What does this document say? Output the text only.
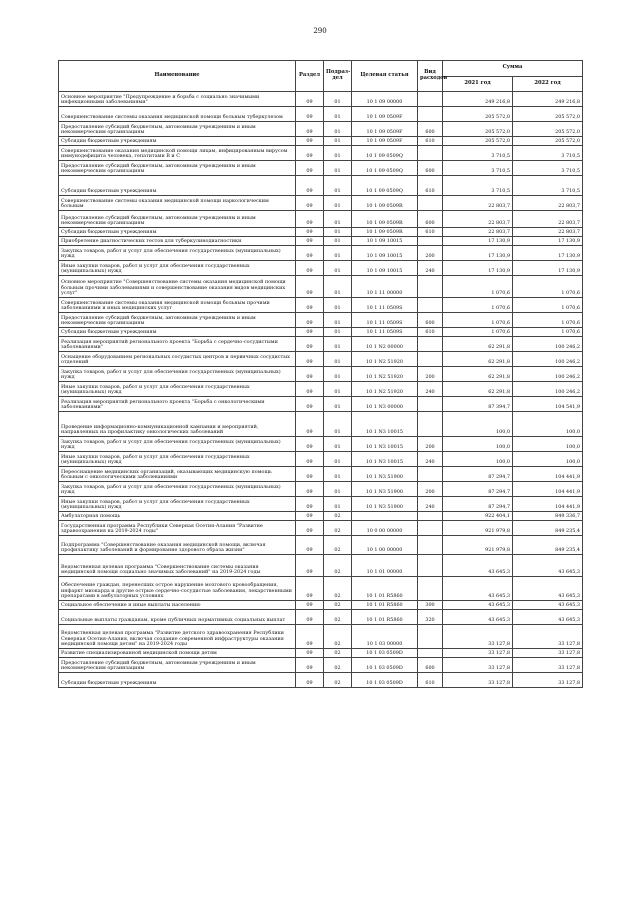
290
Наименование	Раздел	Подраз-дел	Целевая статья	Вид расходов	Сумма	
					2021 год	2022 год
Основное мероприятие "Предупреждение и борьба с социально значимыми инфекционными заболеваниями"	09	01	10 1 09 00000		249 216,8	249 216,8
Совершенствование системы оказания медицинской помощи больным туберкулезом	09	01	10 1 09 0509F		205 572,0	205 572,0
Предоставление субсидий бюджетным, автономным учреждениям и иным некоммерческим организациям	09	01	10 1 09 0509F	600	205 572,0	205 572,0
Субсидии бюджетным учреждениям	09	01	10 1 09 0509F	610	205 572,0	205 572,0
Совершенствование оказания медицинской помощи лицам, инфицированным вирусом иммунодефицита человека, гепатитами B и C	09	01	10 1 09 0509Q		3 710,5	3 710,5
Предоставление субсидий бюджетным, автономным учреждениям и иным некоммерческим организациям	09	01	10 1 09 0509Q	600	3 710,5	3 710,5
Субсидии бюджетным учреждениям	09	01	10 1 09 0509Q	610	3 710,5	3 710,5
Совершенствование системы оказания медицинской помощи наркологическим больным	09	01	10 1 09 0509R		22 803,7	22 803,7
Предоставление субсидий бюджетным, автономным учреждениям и иным некоммерческим организациям	09	01	10 1 09 0509R	600	22 803,7	22 803,7
Субсидии бюджетным учреждениям	09	01	10 1 09 0509R	610	22 803,7	22 803,7
Приобретение диагностических тестов для туберкулинодиагностики	09	01	10 1 09 10015		17 130,9	17 130,9
Закупка товаров, работ и услуг для обеспечения государственных (муниципальных) нужд	09	01	10 1 09 10015	200	17 130,9	17 130,9
Иные закупки товаров, работ и услуг для обеспечения государственных (муниципальных) нужд	09	01	10 1 09 10015	240	17 130,9	17 130,9
Основное мероприятие "Совершенствование системы оказания медицинской помощи больным прочими заболеваниями и совершенствование оказания видов медицинских услуг"	09	01	10 1 11 00000		1 070,6	1 070,6
Совершенствование системы оказания медицинской помощи больным прочими заболеваниями и иных медицинских услуг	09	01	10 1 11 0509S		1 070,6	1 070,6
Предоставление субсидий бюджетным, автономным учреждениям и иным некоммерческим организациям	09	01	10 1 11 0509S	600	1 070,6	1 070,6
Субсидии бюджетным учреждениям	09	01	10 1 11 0509S	610	1 070,6	1 070,6
Реализация мероприятий регионального проекта "Борьба с сердечно-сосудистыми заболеваниями"	09	01	10 1 N2 00000		62 291,8	100 246,2
Оснащение оборудованием региональных сосудистых центров и первичных сосудистых отделений	09	01	10 1 N2 51920		62 291,8	100 246,2
Закупка товаров, работ и услуг для обеспечения государственных (муниципальных) нужд	09	01	10 1 N2 51920	200	62 291,8	100 246,2
Иные закупки товаров, работ и услуг для обеспечения государственных (муниципальных) нужд	09	01	10 1 N2 51920	240	62 291,8	100 246,2
Реализация мероприятий регионального проекта "Борьба с онкологическими заболеваниями"	09	01	10 1 N3 00000		87 394,7	104 541,9
Проведение информационно-коммуникационной кампании и мероприятий, направленных на профилактику онкологических заболеваний	09	01	10 1 N3 10015		100,0	100,0
Закупка товаров, работ и услуг для обеспечения государственных (муниципальных) нужд	09	01	10 1 N3 10015	200	100,0	100,0
Иные закупки товаров, работ и услуг для обеспечения государственных (муниципальных) нужд	09	01	10 1 N3 10015	240	100,0	100,0
Переоснащение медицинских организаций, оказывающих медицинскую помощь больным с онкологическими заболеваниями	09	01	10 1 N3 51900		87 294,7	104 441,9
Закупка товаров, работ и услуг для обеспечения государственных (муниципальных) нужд	09	01	10 1 N3 51900	200	87 294,7	104 441,9
Иные закупки товаров, работ и услуг для обеспечения государственных (муниципальных) нужд	09	01	10 1 N3 51900	240	87 294,7	104 441,9
Амбулаторная помощь	09	02			922 404,1	849 336,7
Государственная программа Республики Северная Осетия-Алания "Развитие здравоохранения на 2019-2024 годы"	09	02	10 0 00 00000		921 979,8	849 235,4
Подпрограмма "Совершенствование оказания медицинской помощи, включая профилактику заболеваний и формирование здорового образа жизни"	09	02	10 1 00 00000		921 979,8	849 235,4
Ведомственная целевая программа "Совершенствование системы оказания медицинской помощи социально значимых заболеваний" на 2019-2024 годы	09	02	10 1 01 00000		43 645,3	43 645,3
Обеспечение граждан, перенесших острое нарушение мозгового кровообращения, инфаркт миокарда и другие острые сердечно-сосудистые заболевания, лекарственными препаратами в амбулаторных условиях	09	02	10 1 01 R5860		43 645,3	43 645,3
Социальное обеспечение и иные выплаты населению	09	02	10 1 01 R5860	300	43 645,3	43 645,3
Социальные выплаты гражданам, кроме публичных нормативных социальных выплат	09	02	10 1 01 R5860	320	43 645,3	43 645,3
Ведомственная целевая программа "Развитие детского здравоохранения Республики Северная Осетия-Алания, включая создание современной инфраструктуры оказания медицинской помощи детям" на 2019-2024 годы	09	02	10 1 03 00000		33 127,8	33 127,8
Развитие специализированной медицинской помощи детям	09	02	10 1 03 0509D		33 127,8	33 127,8
Предоставление субсидий бюджетным, автономным учреждениям и иным некоммерческим организациям	09	02	10 1 03 0509D	600	33 127,8	33 127,8
Субсидии бюджетным учреждениям	09	02	10 1 03 0509D	610	33 127,8	33 127,8
